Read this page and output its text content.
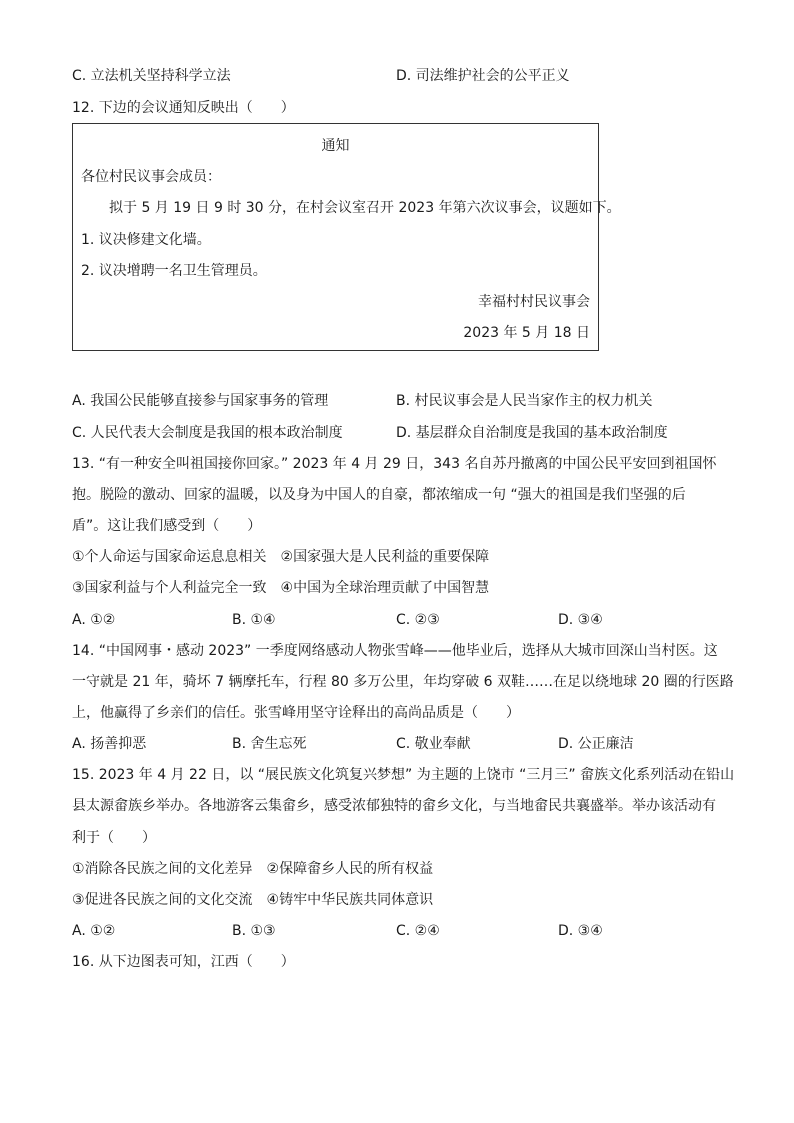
C. 立法机关坚持科学立法	D. 司法维护社会的公平正义
12. 下边的会议通知反映出（　　）
通知
各位村民议事会成员：
拟于 5 月 19 日 9 时 30 分，在村会议室召开 2023 年第六次议事会，议题如下。
1. 议决修建文化墙。
2. 议决增聘一名卫生管理员。
幸福村村民议事会
2023 年 5 月 18 日
A. 我国公民能够直接参与国家事务的管理	B. 村民议事会是人民当家作主的权力机关
C. 人民代表大会制度是我国的根本政治制度	D. 基层群众自治制度是我国的基本政治制度
13. “有一种安全叫祖国接你回家。” 2023 年 4 月 29 日，343 名自苏丹撤离的中国公民平安回到祖国怀
抱。脱险的激动、回家的温暖，以及身为中国人的自豪，都浓缩成一句 “强大的祖国是我们坚强的后
盾”。这让我们感受到（　　）
①个人命运与国家命运息息相关　②国家强大是人民利益的重要保障
③国家利益与个人利益完全一致　④中国为全球治理贡献了中国智慧
A. ①②	B. ①④	C. ②③	D. ③④
14. “中国网事・感动 2023” 一季度网络感动人物张雪峰——他毕业后，选择从大城市回深山当村医。这
一守就是 21 年，骑坏 7 辆摩托车，行程 80 多万公里，年均穿破 6 双鞋……在足以绕地球 20 圈的行医路
上，他赢得了乡亲们的信任。张雪峰用坚守诠释出的高尚品质是（　　）
A. 扬善抑恶	B. 舍生忘死	C. 敬业奉献	D. 公正廉洁
15. 2023 年 4 月 22 日，以 “展民族文化筑复兴梦想” 为主题的上饶市 “三月三” 畲族文化系列活动在铅山
县太源畲族乡举办。各地游客云集畲乡，感受浓郁独特的畲乡文化，与当地畲民共襄盛举。举办该活动有
利于（　　）
①消除各民族之间的文化差异　②保障畲乡人民的所有权益
③促进各民族之间的文化交流　④铸牢中华民族共同体意识
A. ①②	B. ①③	C. ②④	D. ③④
16. 从下边图表可知，江西（　　）
